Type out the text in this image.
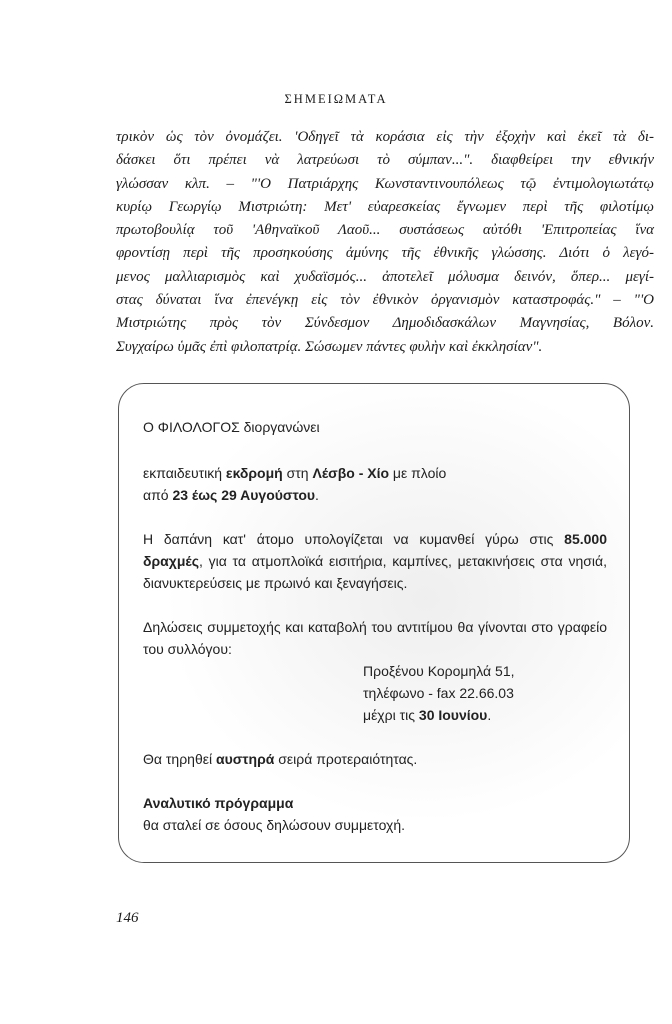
ΣΗΜΕΙΩΜΑΤΑ
τρικὸν ὡς τὸν ὀνομάζει. 'Οδηγεῖ τὰ κοράσια εἰς τὴν ἐξοχὴν καὶ ἐκεῖ τὰ δι-
δάσκει ὅτι πρέπει νὰ λατρεύωσι τὸ σύμπαν...". διαφθείρει την εθνικήν
γλώσσαν κλπ. – "'Ο Πατριάρχης Κωνσταντινουπόλεως τῷ ἐντιμολογιωτάτῳ
κυρίῳ Γεωργίῳ Μιστριώτη: Μετ' εὐαρεσκείας ἔγνωμεν περὶ τῆς φιλοτίμῳ
πρωτοβουλίᾳ τοῦ 'Αθηναϊκοῦ Λαοῦ... συστάσεως αὐτόθι 'Επιτροπείας ἵνα
φροντίσῃ περὶ τῆς προσηκούσης ἀμύνης τῆς ἐθνικῆς γλώσσης. Διότι ὁ λεγό-
μενος μαλλιαρισμὸς καὶ χυδαϊσμός... ἀποτελεῖ μόλυσμα δεινόν, ὅπερ... μεγί-
στας δύναται ἵνα ἐπενέγκῃ εἰς τὸν ἐθνικὸν ὀργανισμὸν καταστροφάς." – "'Ο
Μιστριώτης πρὸς τὸν Σύνδεσμον Δημοδιδασκάλων Μαγνησίας, Βόλον.
Συγχαίρω ὑμᾶς ἐπὶ φιλοπατρίᾳ. Σώσωμεν πάντες φυλὴν καὶ ἐκκλησίαν".

Ο ΦΙΛΟΛΟΓΟΣ διοργανώνει

εκπαιδευτική εκδρομή στη Λέσβο - Χίο με πλοίο

από 23 έως 29 Αυγούστου.

Η δαπάνη κατ' άτομο υπολογίζεται να κυμανθεί γύρω στις 85.000 δραχμές, για τα ατμοπλοϊκά εισιτήρια, καμπίνες, μετακινήσεις στα νησιά, διανυκτερεύσεις με πρωινό και ξεναγήσεις.

Δηλώσεις συμμετοχής και καταβολή του αντιτίμου θα γίνονται στο γραφείο του συλλόγου:

Προξένου Κορομηλά 51,

τηλέφωνο - fax 22.66.03

μέχρι τις 30 Ιουνίου.

Θα τηρηθεί αυστηρά σειρά προτεραιότητας.

Αναλυτικό πρόγραμμα

θα σταλεί σε όσους δηλώσουν συμμετοχή.

146
